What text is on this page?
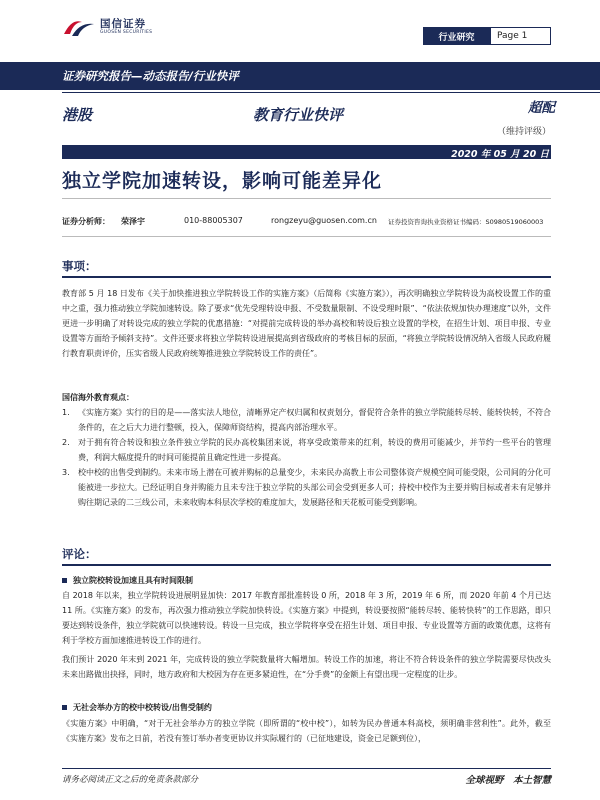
国信证券
GUOSEN SECURITIES	行业研究	Page 1
证券研究报告—动态报告/行业快评
港股	教育行业快评	超配
（维持评级）
2020 年 05 月 20 日
独立学院加速转设，影响可能差异化
证券分析师： 荣泽宇	010-88005307	rongzeyu@guosen.com.cn 证券投资咨询执业资格证书编码：S0980519060003
事项：
教育部 5 月 18 日发布《关于加快推进独立学院转设工作的实施方案》（后简称《实施方案》），再次明确独立学院转设为高校设置工作的重中之重，强力推动独立学院加速转设。除了要求“优先受理转设申报、不受数量限制、不设受理时限”、“依法依规加快办理速度”以外，文件更进一步明确了对转设完成的独立学院的优惠措施：“对提前完成转设的举办高校和转设后独立设置的学校，在招生计划、项目申报、专业设置等方面给予倾斜支持”。文件还要求将独立学院转设进展提高到省级政府的考核目标的层面，“将独立学院转设情况纳入省级人民政府履行教育职责评价，压实省级人民政府统筹推进独立学院转设工作的责任”。
国信海外教育观点：
1.	《实施方案》实行的目的是——落实法人地位，清晰界定产权归属和权责划分，督促符合条件的独立学院能转尽转、能转快转，不符合条件的，在之后大力进行整顿，投入，保障师资结构，提高内部治理水平。
2.	对于拥有符合转设和独立条件独立学院的民办高校集团来说，将享受政策带来的红利，转设的费用可能减少，并节约一些平台的管理费，利润大幅度提升的时间可能提前且确定性进一步提高。
3.	校中校的出售受到制约。未来市场上潜在可被并购标的总量变少，未来民办高教上市公司整体资产规模空间可能受限，公司间的分化可能被进一步拉大。已经证明自身并购能力且未专注于独立学院的头部公司会受到更多人可；持校中校作为主要并购目标或者未有足够并购往期记录的二三线公司，未来收购本科层次学校的难度加大，发展路径和天花板可能受到影响。
评论：
独立院校转设加速且具有时间限制
自 2018 年以来，独立学院转设进展明显加快：2017 年教育部批准转设 0 所，2018 年 3 所，2019 年 6 所，而 2020 年前 4 个月已达 11 所。《实施方案》的发布，再次强力推动独立学院加快转设。《实施方案》中提到，转设要按照“能转尽转、能转快转”的工作思路，即只要达到转设条件，独立学院就可以快速转设。转设一旦完成，独立学院将享受在招生计划、项目申报、专业设置等方面的政策优惠，这将有利于学校方面加速推进转设工作的进行。
我们预计 2020 年末到 2021 年，完成转设的独立学院数量将大幅增加。转设工作的加速，将让不符合转设条件的独立学院需要尽快改头未来出路做出抉择，同时，地方政府和大校因为存在更多紧迫性，在“分手费”的金额上有望出现一定程度的让步。
无社会举办方的校中校转设/出售受制约
《实施方案》中明确，“对于无社会举办方的独立学院（即所谓的“校中校”），如转为民办普通本科高校，须明确非营利性”。此外，截至《实施方案》发布之日前，若没有签订举办者变更协议并实际履行的（已征地建设，资金已足额到位），
请务必阅读正文之后的免责条款部分	全球视野　本土智慧
